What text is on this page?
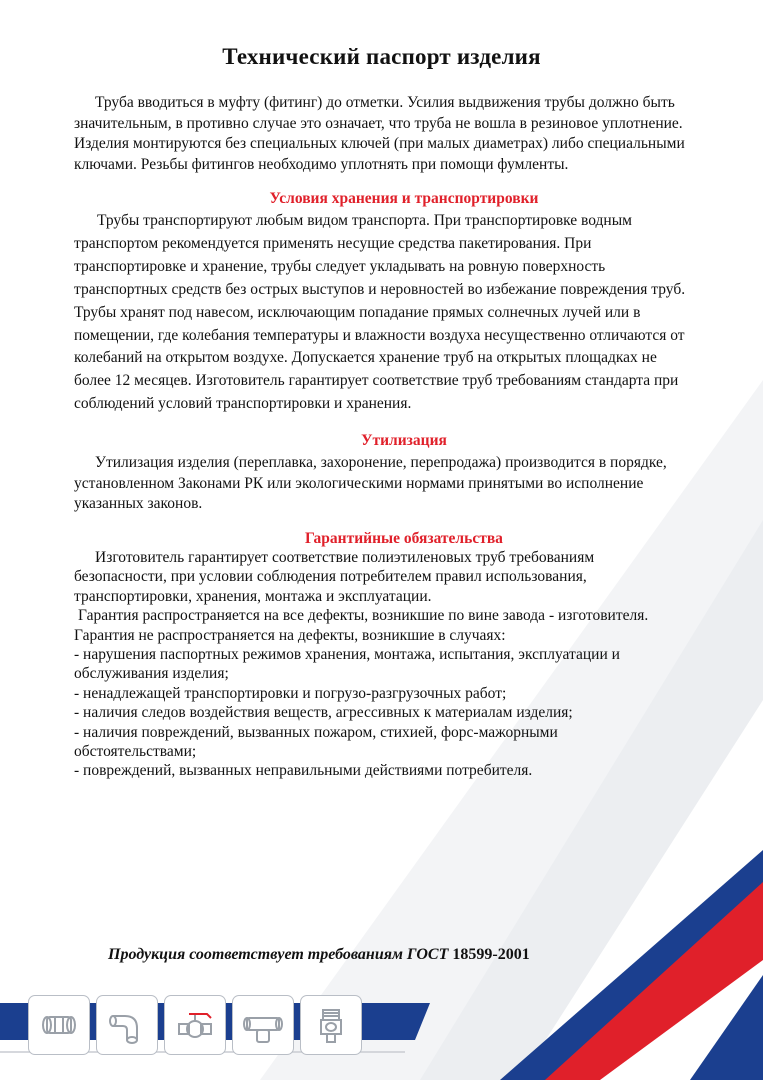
Технический паспорт изделия
Труба вводиться в муфту (фитинг) до отметки. Усилия выдвижения трубы должно быть
значительным, в противно случае это означает, что труба не вошла в резиновое уплотнение.
Изделия монтируются без специальных ключей (при малых диаметрах) либо специальными
ключами. Резьбы фитингов необходимо уплотнять при помощи фумленты.
Условия хранения и транспортировки
Трубы транспортируют любым видом транспорта. При транспортировке водным
транспортом рекомендуется применять несущие средства пакетирования. При
транспортировке и хранение, трубы следует укладывать на ровную поверхность
транспортных средств без острых выступов и неровностей во избежание повреждения труб.
Трубы хранят под навесом, исключающим попадание прямых солнечных лучей или в
помещении, где колебания температуры и влажности воздуха несущественно отличаются от
колебаний на открытом воздухе. Допускается хранение труб на открытых площадках не
более 12 месяцев. Изготовитель гарантирует соответствие труб требованиям стандарта при
соблюдений условий транспортировки и хранения.
Утилизация
Утилизация изделия (переплавка, захоронение, перепродажа) производится в порядке,
установленном Законами РК или экологическими нормами принятыми во исполнение
указанных законов.
Гарантийные обязательства
Изготовитель гарантирует соответствие полиэтиленовых труб требованиям
безопасности, при условии соблюдения потребителем правил использования,
транспортировки, хранения, монтажа и эксплуатации.
Гарантия распространяется на все дефекты, возникшие по вине завода - изготовителя.
Гарантия не распространяется на дефекты, возникшие в случаях:
- нарушения паспортных режимов хранения, монтажа, испытания, эксплуатации и
обслуживания изделия;
- ненадлежащей транспортировки и погрузо-разгрузочных работ;
- наличия следов воздействия веществ, агрессивных к материалам изделия;
- наличия повреждений, вызванных пожаром, стихией, форс-мажорными
обстоятельствами;
- повреждений, вызванных неправильными действиями потребителя.
Продукция соответствует требованиям ГОСТ 18599-2001
